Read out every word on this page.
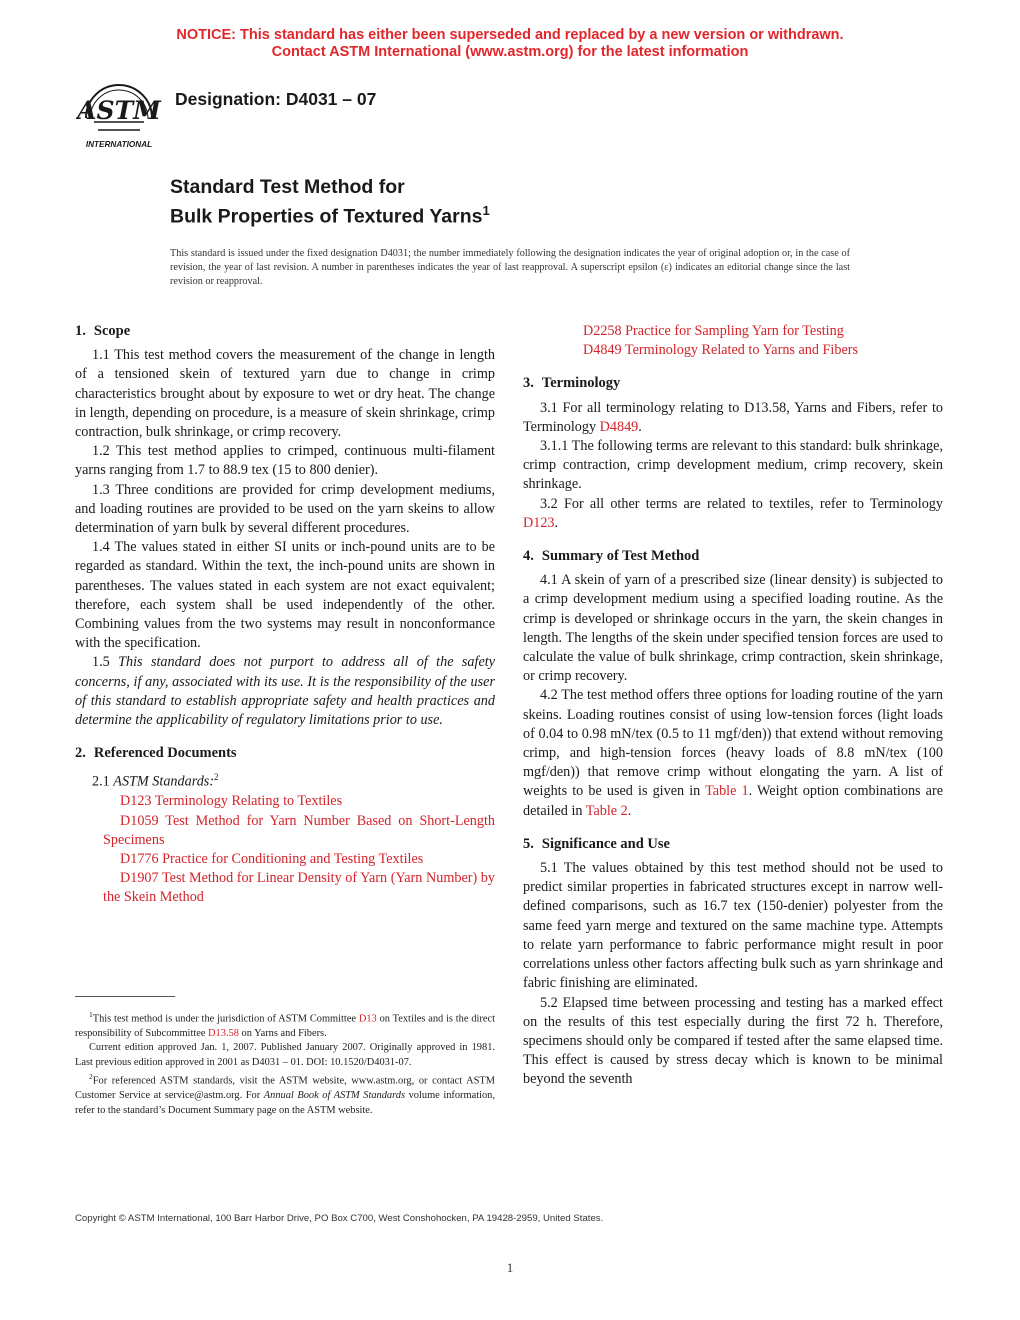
NOTICE: This standard has either been superseded and replaced by a new version or withdrawn.
Contact ASTM International (www.astm.org) for the latest information
ASTM
INTERNATIONAL
Designation: D4031 – 07
Standard Test Method for
Bulk Properties of Textured Yarns$^1$
This standard is issued under the fixed designation D4031; the number immediately following the designation indicates the year of original adoption or, in the case of revision, the year of last revision. A number in parentheses indicates the year of last reapproval. A superscript epsilon (ε) indicates an editorial change since the last revision or reapproval.
1. Scope

1.1 This test method covers the measurement of the change in length of a tensioned skein of textured yarn due to change in crimp characteristics brought about by exposure to wet or dry heat. The change in length, depending on procedure, is a measure of skein shrinkage, crimp contraction, bulk shrinkage, or crimp recovery.

1.2 This test method applies to crimped, continuous multi-filament yarns ranging from 1.7 to 88.9 tex (15 to 800 denier).

1.3 Three conditions are provided for crimp development mediums, and loading routines are provided to be used on the yarn skeins to allow determination of yarn bulk by several different procedures.

1.4 The values stated in either SI units or inch-pound units are to be regarded as standard. Within the text, the inch-pound units are shown in parentheses. The values stated in each system are not exact equivalent; therefore, each system shall be used independently of the other. Combining values from the two systems may result in nonconformance with the specification.

1.5 This standard does not purport to address all of the safety concerns, if any, associated with its use. It is the responsibility of the user of this standard to establish appropriate safety and health practices and determine the applicability of regulatory limitations prior to use.

2. Referenced Documents

2.1 ASTM Standards:$^2$

D123 Terminology Relating to Textiles

D1059 Test Method for Yarn Number Based on Short-Length Specimens

D1776 Practice for Conditioning and Testing Textiles

D1907 Test Method for Linear Density of Yarn (Yarn Number) by the Skein Method

$^1$This test method is under the jurisdiction of ASTM Committee D13 on Textiles and is the direct responsibility of Subcommittee D13.58 on Yarns and Fibers.

Current edition approved Jan. 1, 2007. Published January 2007. Originally approved in 1981. Last previous edition approved in 2001 as D4031 – 01. DOI: 10.1520/D4031-07.

$^2$For referenced ASTM standards, visit the ASTM website, www.astm.org, or contact ASTM Customer Service at service@astm.org. For Annual Book of ASTM Standards volume information, refer to the standard’s Document Summary page on the ASTM website.

D2258 Practice for Sampling Yarn for Testing

D4849 Terminology Related to Yarns and Fibers

3. Terminology

3.1 For all terminology relating to D13.58, Yarns and Fibers, refer to Terminology D4849.

3.1.1 The following terms are relevant to this standard: bulk shrinkage, crimp contraction, crimp development medium, crimp recovery, skein shrinkage.

3.2 For all other terms are related to textiles, refer to Terminology D123.

4. Summary of Test Method

4.1 A skein of yarn of a prescribed size (linear density) is subjected to a crimp development medium using a specified loading routine. As the crimp is developed or shrinkage occurs in the yarn, the skein changes in length. The lengths of the skein under specified tension forces are used to calculate the value of bulk shrinkage, crimp contraction, skein shrinkage, or crimp recovery.

4.2 The test method offers three options for loading routine of the yarn skeins. Loading routines consist of using low-tension forces (light loads of 0.04 to 0.98 mN/tex (0.5 to 11 mgf/den)) that extend without removing crimp, and high-tension forces (heavy loads of 8.8 mN/tex (100 mgf/den)) that remove crimp without elongating the yarn. A list of weights to be used is given in Table 1. Weight option combinations are detailed in Table 2.

5. Significance and Use

5.1 The values obtained by this test method should not be used to predict similar properties in fabricated structures except in narrow well-defined comparisons, such as 16.7 tex (150-denier) polyester from the same feed yarn merge and textured on the same machine type. Attempts to relate yarn performance to fabric performance might result in poor correlations unless other factors affecting bulk such as yarn shrinkage and fabric finishing are eliminated.

5.2 Elapsed time between processing and testing has a marked effect on the results of this test especially during the first 72 h. Therefore, specimens should only be compared if tested after the same elapsed time. This effect is caused by stress decay which is known to be minimal beyond the seventh

Copyright © ASTM International, 100 Barr Harbor Drive, PO Box C700, West Conshohocken, PA 19428-2959, United States.
1
